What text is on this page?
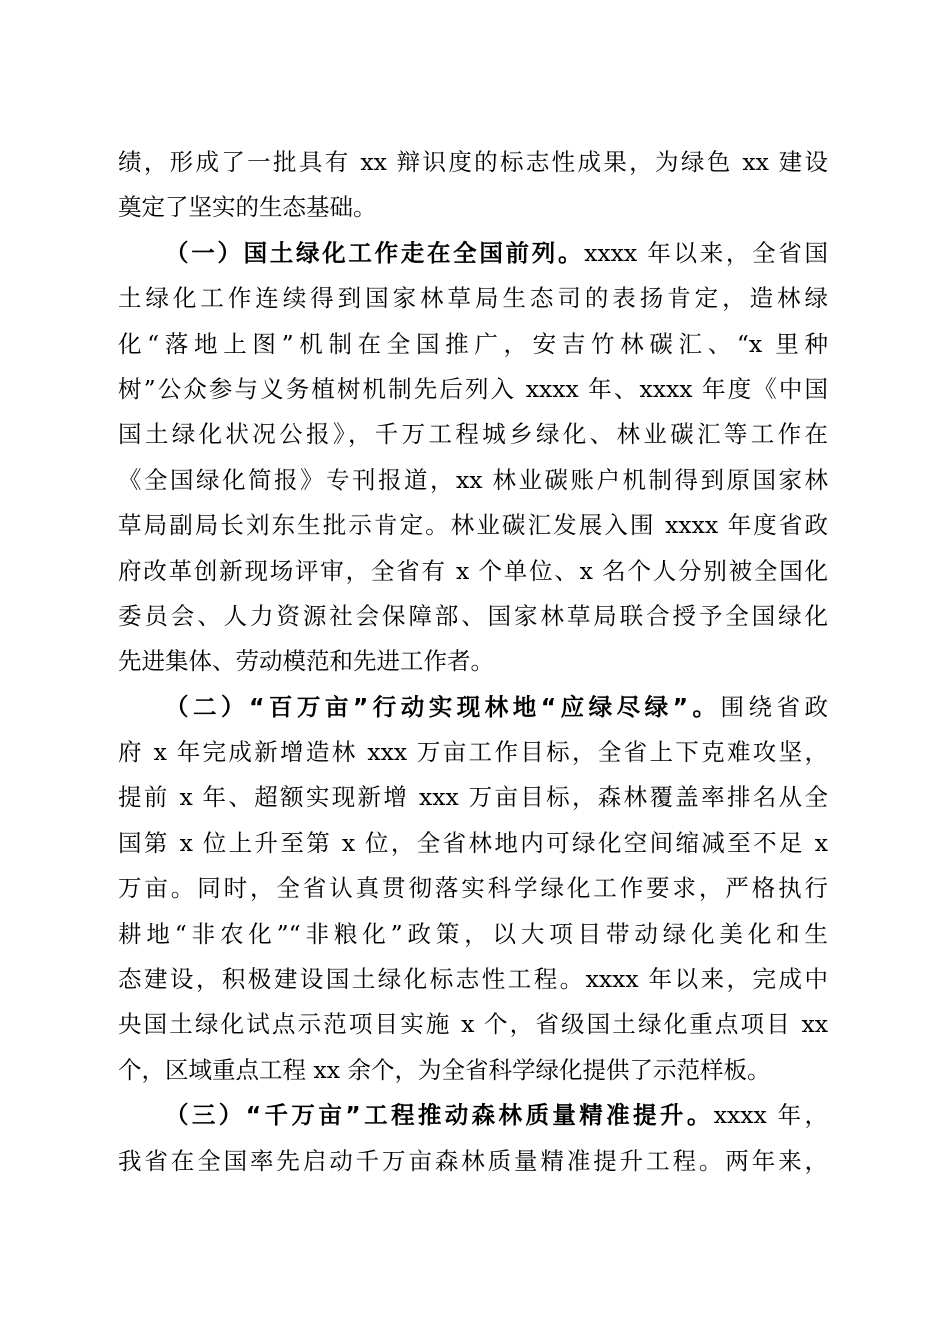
绩，形成了一批具有 xx 辩识度的标志性成果，为绿色 xx 建设
奠定了坚实的生态基础。
（一）国土绿化工作走在全国前列。xxxx 年以来，全省国
土绿化工作连续得到国家林草局生态司的表扬肯定，造林绿
化“落地上图”机制在全国推广，安吉竹林碳汇、“x 里种
树”公众参与义务植树机制先后列入 xxxx 年、xxxx 年度《中国
国土绿化状况公报》，千万工程城乡绿化、林业碳汇等工作在
《全国绿化简报》专刊报道，xx 林业碳账户机制得到原国家林
草局副局长刘东生批示肯定。林业碳汇发展入围 xxxx 年度省政
府改革创新现场评审，全省有 x 个单位、x 名个人分别被全国化
委员会、人力资源社会保障部、国家林草局联合授予全国绿化
先进集体、劳动模范和先进工作者。
（二）“百万亩”行动实现林地“应绿尽绿”。围绕省政
府 x 年完成新增造林 xxx 万亩工作目标，全省上下克难攻坚，
提前 x 年、超额实现新增 xxx 万亩目标，森林覆盖率排名从全
国第 x 位上升至第 x 位，全省林地内可绿化空间缩减至不足 x
万亩。同时，全省认真贯彻落实科学绿化工作要求，严格执行
耕地“非农化”“非粮化”政策，以大项目带动绿化美化和生
态建设，积极建设国土绿化标志性工程。xxxx 年以来，完成中
央国土绿化试点示范项目实施 x 个，省级国土绿化重点项目 xx
个，区域重点工程 xx 余个，为全省科学绿化提供了示范样板。
（三）“千万亩”工程推动森林质量精准提升。xxxx 年，
我省在全国率先启动千万亩森林质量精准提升工程。两年来，
